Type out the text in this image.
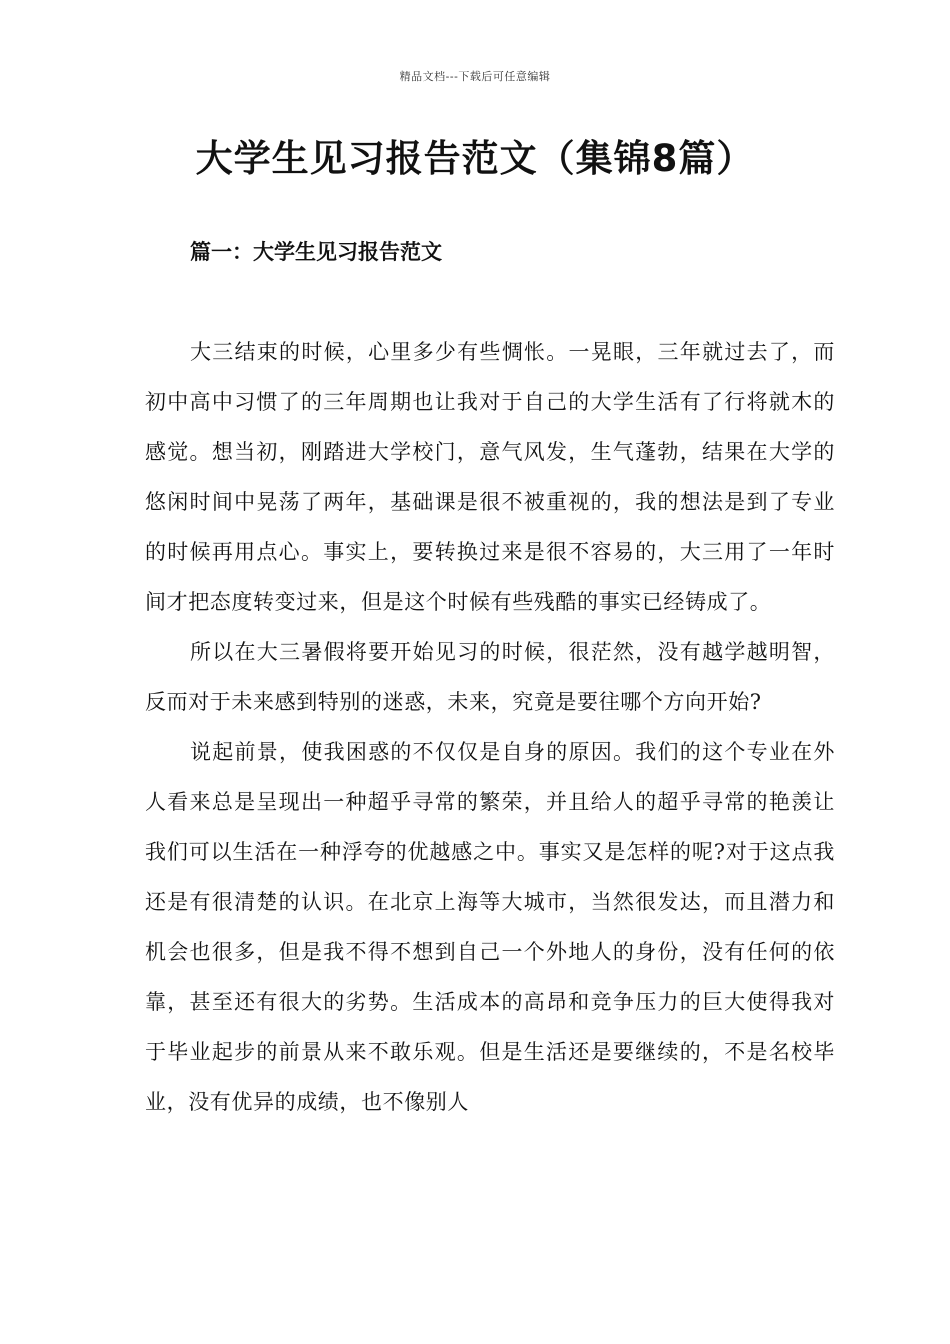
精品文档---下载后可任意编辑
大学生见习报告范文（集锦8篇）
篇一：大学生见习报告范文

大三结束的时候，心里多少有些惆怅。一晃眼，三年就过去了，而初中高中习惯了的三年周期也让我对于自己的大学生活有了行将就木的感觉。想当初，刚踏进大学校门，意气风发，生气蓬勃，结果在大学的悠闲时间中晃荡了两年，基础课是很不被重视的，我的想法是到了专业的时候再用点心。事实上，要转换过来是很不容易的，大三用了一年时间才把态度转变过来，但是这个时候有些残酷的事实已经铸成了。

所以在大三暑假将要开始见习的时候，很茫然，没有越学越明智，反而对于未来感到特别的迷惑，未来，究竟是要往哪个方向开始?

说起前景，使我困惑的不仅仅是自身的原因。我们的这个专业在外人看来总是呈现出一种超乎寻常的繁荣，并且给人的超乎寻常的艳羡让我们可以生活在一种浮夸的优越感之中。事实又是怎样的呢?对于这点我还是有很清楚的认识。在北京上海等大城市，当然很发达，而且潜力和机会也很多，但是我不得不想到自己一个外地人的身份，没有任何的依靠，甚至还有很大的劣势。生活成本的高昂和竞争压力的巨大使得我对于毕业起步的前景从来不敢乐观。但是生活还是要继续的，不是名校毕业，没有优异的成绩，也不像别人
